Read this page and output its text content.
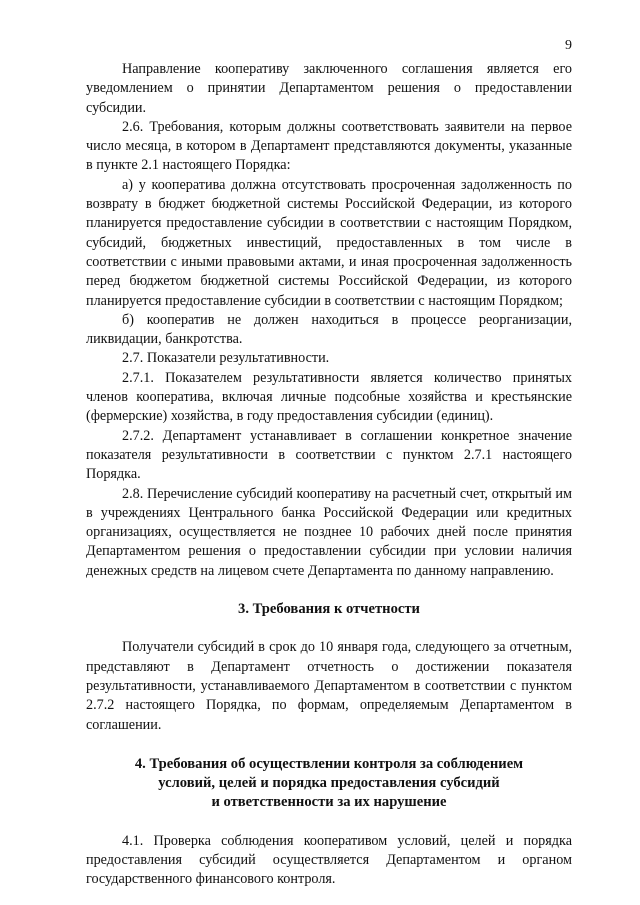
9

Направление кооперативу заключенного соглашения является его уведомлением о принятии Департаментом решения о предоставлении субсидии.

2.6. Требования, которым должны соответствовать заявители на первое число месяца, в котором в Департамент представляются документы, указанные в пункте 2.1 настоящего Порядка:

а) у кооператива должна отсутствовать просроченная задолженность по возврату в бюджет бюджетной системы Российской Федерации, из которого планируется предоставление субсидии в соответствии с настоящим Порядком, субсидий, бюджетных инвестиций, предоставленных в том числе в соответствии с иными правовыми актами, и иная просроченная задолженность перед бюджетом бюджетной системы Российской Федерации, из которого планируется предоставление субсидии в соответствии с настоящим Порядком;

б) кооператив не должен находиться в процессе реорганизации, ликвидации, банкротства.

2.7. Показатели результативности.

2.7.1. Показателем результативности является количество принятых членов кооператива, включая личные подсобные хозяйства и крестьянские (фермерские) хозяйства, в году предоставления субсидии (единиц).

2.7.2. Департамент устанавливает в соглашении конкретное значение показателя результативности в соответствии с пунктом 2.7.1 настоящего Порядка.

2.8. Перечисление субсидий кооперативу на расчетный счет, открытый им в учреждениях Центрального банка Российской Федерации или кредитных организациях, осуществляется не позднее 10 рабочих дней после принятия Департаментом решения о предоставлении субсидии при условии наличия денежных средств на лицевом счете Департамента по данному направлению.

3. Требования к отчетности

Получатели субсидий в срок до 10 января года, следующего за отчетным, представляют в Департамент отчетность о достижении показателя результативности, устанавливаемого Департаментом в соответствии с пунктом 2.7.2 настоящего Порядка, по формам, определяемым Департаментом в соглашении.

4. Требования об осуществлении контроля за соблюдением
условий, целей и порядка предоставления субсидий
и ответственности за их нарушение

4.1. Проверка соблюдения кооперативом условий, целей и порядка предоставления субсидий осуществляется Департаментом и органом государственного финансового контроля.
